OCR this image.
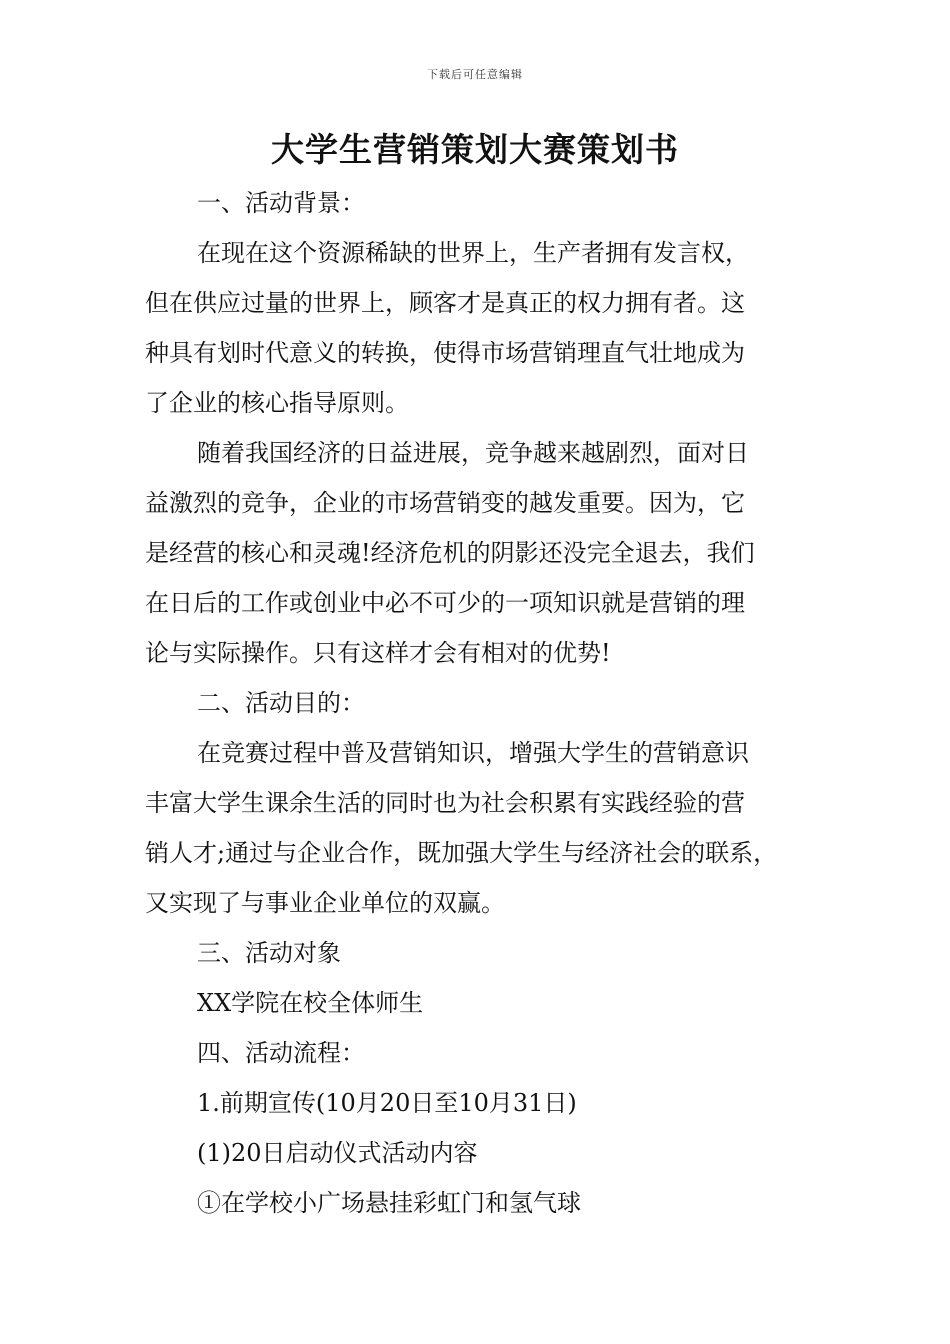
下载后可任意编辑
大学生营销策划大赛策划书

一、活动背景：

在现在这个资源稀缺的世界上，生产者拥有发言权，

但在供应过量的世界上，顾客才是真正的权力拥有者。这

种具有划时代意义的转换，使得市场营销理直气壮地成为

了企业的核心指导原则。

随着我国经济的日益进展，竞争越来越剧烈，面对日

益激烈的竞争，企业的市场营销变的越发重要。因为，它

是经营的核心和灵魂!经济危机的阴影还没完全退去，我们

在日后的工作或创业中必不可少的一项知识就是营销的理

论与实际操作。只有这样才会有相对的优势!

二、活动目的：

在竞赛过程中普及营销知识，增强大学生的营销意识

丰富大学生课余生活的同时也为社会积累有实践经验的营

销人才;通过与企业合作，既加强大学生与经济社会的联系，

又实现了与事业企业单位的双赢。

三、活动对象

XX学院在校全体师生

四、活动流程：

1.前期宣传(10月20日至10月31日)

(1)20日启动仪式活动内容

①在学校小广场悬挂彩虹门和氢气球
